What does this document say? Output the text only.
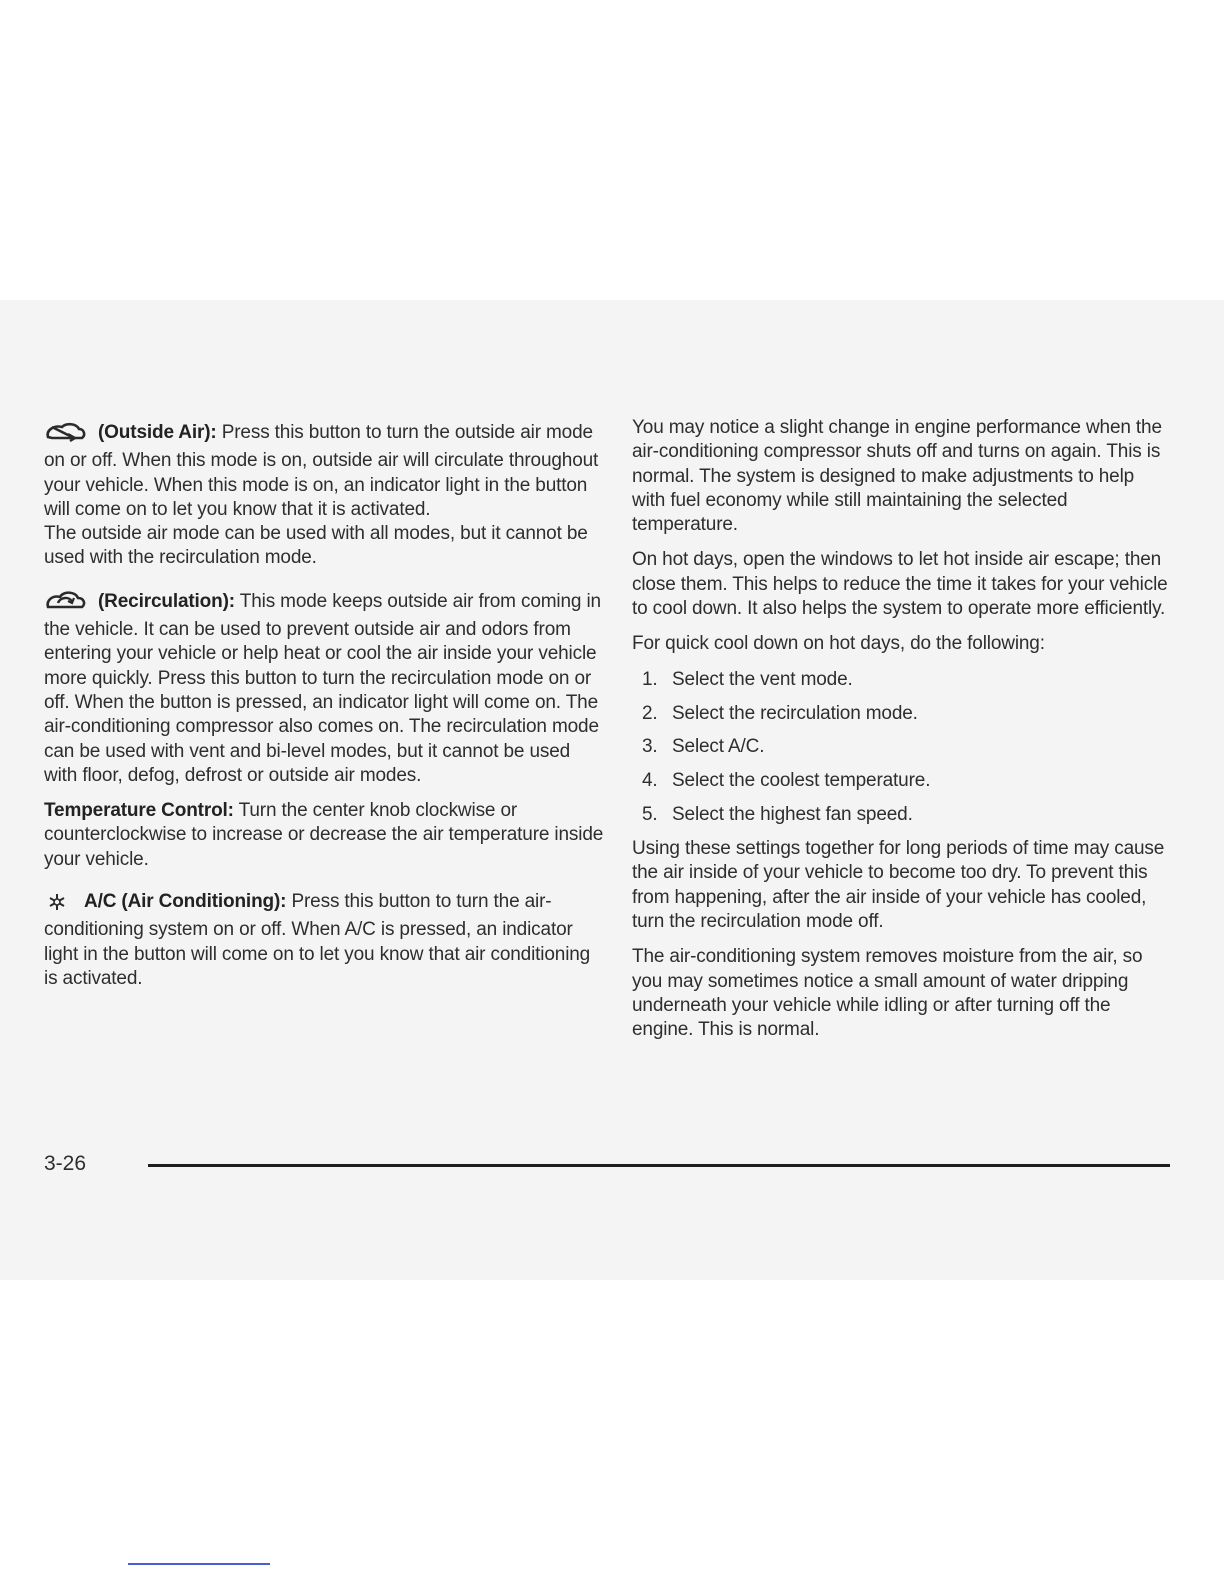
(Outside Air): Press this button to turn the outside air mode on or off. When this mode is on, outside air will circulate throughout your vehicle. When this mode is on, an indicator light in the button will come on to let you know that it is activated.
The outside air mode can be used with all modes, but it cannot be used with the recirculation mode.

(Recirculation): This mode keeps outside air from coming in the vehicle. It can be used to prevent outside air and odors from entering your vehicle or help heat or cool the air inside your vehicle more quickly. Press this button to turn the recirculation mode on or off. When the button is pressed, an indicator light will come on. The air-conditioning compressor also comes on. The recirculation mode can be used with vent and bi-level modes, but it cannot be used with floor, defog, defrost or outside air modes.

Temperature Control: Turn the center knob clockwise or counterclockwise to increase or decrease the air temperature inside your vehicle.

A/C (Air Conditioning): Press this button to turn the air-conditioning system on or off. When A/C is pressed, an indicator light in the button will come on to let you know that air conditioning is activated.

You may notice a slight change in engine performance when the air-conditioning compressor shuts off and turns on again. This is normal. The system is designed to make adjustments to help with fuel economy while still maintaining the selected temperature.

On hot days, open the windows to let hot inside air escape; then close them. This helps to reduce the time it takes for your vehicle to cool down. It also helps the system to operate more efficiently.

For quick cool down on hot days, do the following:

1. Select the vent mode.
2. Select the recirculation mode.
3. Select A/C.
4. Select the coolest temperature.
5. Select the highest fan speed.

Using these settings together for long periods of time may cause the air inside of your vehicle to become too dry. To prevent this from happening, after the air inside of your vehicle has cooled, turn the recirculation mode off.

The air-conditioning system removes moisture from the air, so you may sometimes notice a small amount of water dripping underneath your vehicle while idling or after turning off the engine. This is normal.

3-26
